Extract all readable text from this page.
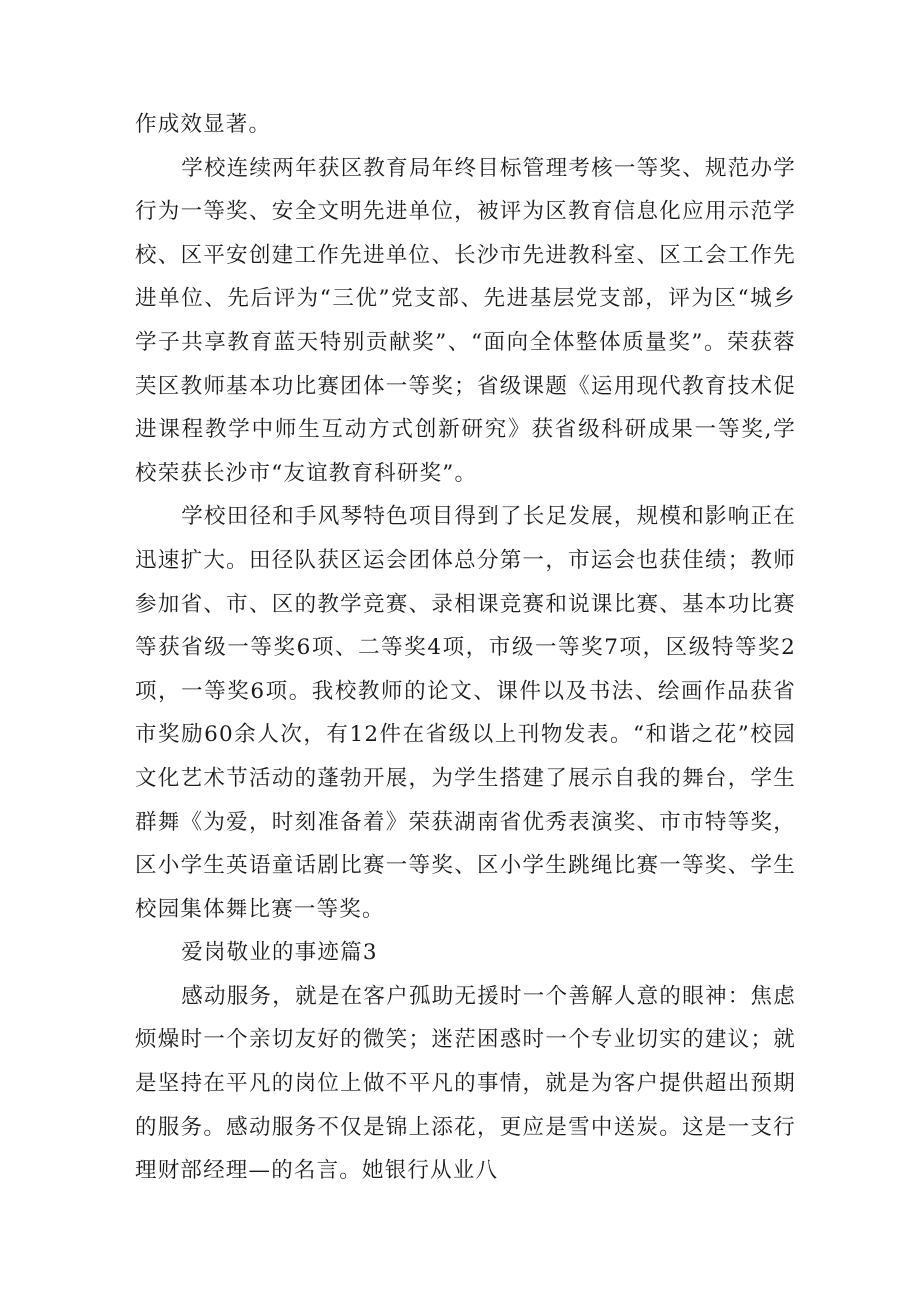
作成效显著。

学校连续两年获区教育局年终目标管理考核一等奖、规范办学行为一等奖、安全文明先进单位，被评为区教育信息化应用示范学校、区平安创建工作先进单位、长沙市先进教科室、区工会工作先进单位、先后评为“三优”党支部、先进基层党支部，评为区“城乡学子共享教育蓝天特别贡献奖”、“面向全体整体质量奖”。荣获蓉芙区教师基本功比赛团体一等奖；省级课题《运用现代教育技术促进课程教学中师生互动方式创新研究》获省级科研成果一等奖,学校荣获长沙市“友谊教育科研奖”。

学校田径和手风琴特色项目得到了长足发展，规模和影响正在迅速扩大。田径队获区运会团体总分第一，市运会也获佳绩；教师参加省、市、区的教学竞赛、录相课竞赛和说课比赛、基本功比赛等获省级一等奖6项、二等奖4项，市级一等奖7项，区级特等奖2项，一等奖6项。我校教师的论文、课件以及书法、绘画作品获省市奖励60余人次，有12件在省级以上刊物发表。“和谐之花”校园文化艺术节活动的蓬勃开展，为学生搭建了展示自我的舞台，学生群舞《为爱，时刻准备着》荣获湖南省优秀表演奖、市市特等奖，区小学生英语童话剧比赛一等奖、区小学生跳绳比赛一等奖、学生校园集体舞比赛一等奖。

爱岗敬业的事迹篇3

感动服务，就是在客户孤助无援时一个善解人意的眼神：焦虑烦燥时一个亲切友好的微笑；迷茫困惑时一个专业切实的建议；就是坚持在平凡的岗位上做不平凡的事情，就是为客户提供超出预期的服务。感动服务不仅是锦上添花，更应是雪中送炭。这是一支行理财部经理—的名言。她银行从业八
